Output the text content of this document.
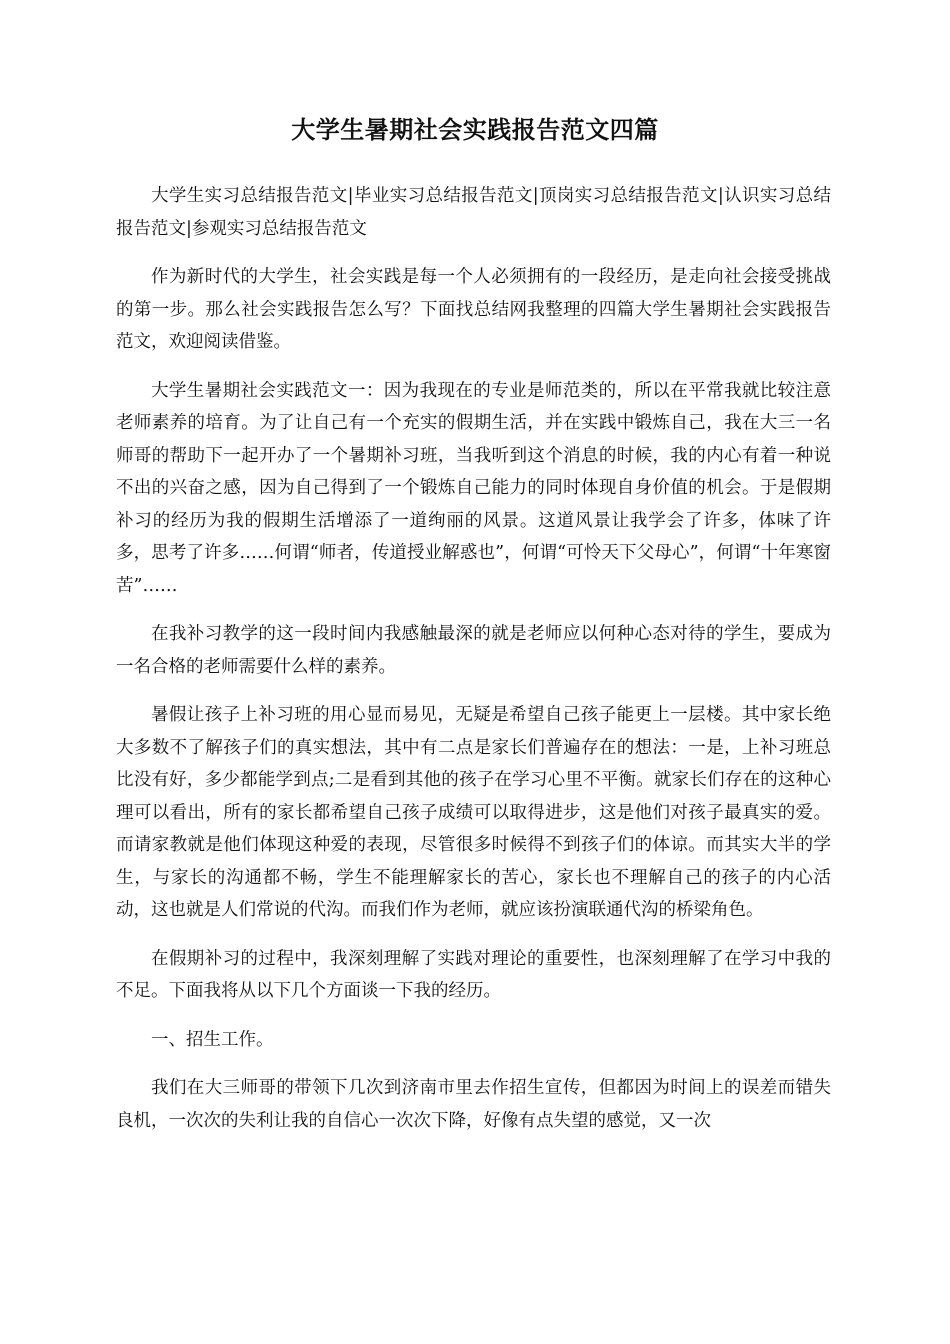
大学生暑期社会实践报告范文四篇

大学生实习总结报告范文|毕业实习总结报告范文|顶岗实习总结报告范文|认识实习总结报告范文|参观实习总结报告范文

作为新时代的大学生，社会实践是每一个人必须拥有的一段经历，是走向社会接受挑战的第一步。那么社会实践报告怎么写？下面找总结网我整理的四篇大学生暑期社会实践报告范文，欢迎阅读借鉴。

大学生暑期社会实践范文一：因为我现在的专业是师范类的，所以在平常我就比较注意老师素养的培育。为了让自己有一个充实的假期生活，并在实践中锻炼自己，我在大三一名师哥的帮助下一起开办了一个暑期补习班，当我听到这个消息的时候，我的内心有着一种说不出的兴奋之感，因为自己得到了一个锻炼自己能力的同时体现自身价值的机会。于是假期补习的经历为我的假期生活增添了一道绚丽的风景。这道风景让我学会了许多，体味了许多，思考了许多……何谓“师者，传道授业解惑也”，何谓“可怜天下父母心”，何谓“十年寒窗苦”……

在我补习教学的这一段时间内我感触最深的就是老师应以何种心态对待的学生，要成为一名合格的老师需要什么样的素养。

暑假让孩子上补习班的用心显而易见，无疑是希望自己孩子能更上一层楼。其中家长绝大多数不了解孩子们的真实想法，其中有二点是家长们普遍存在的想法：一是，上补习班总比没有好，多少都能学到点;二是看到其他的孩子在学习心里不平衡。就家长们存在的这种心理可以看出，所有的家长都希望自己孩子成绩可以取得进步，这是他们对孩子最真实的爱。而请家教就是他们体现这种爱的表现，尽管很多时候得不到孩子们的体谅。而其实大半的学生，与家长的沟通都不畅，学生不能理解家长的苦心，家长也不理解自己的孩子的内心活动，这也就是人们常说的代沟。而我们作为老师，就应该扮演联通代沟的桥梁角色。

在假期补习的过程中，我深刻理解了实践对理论的重要性，也深刻理解了在学习中我的不足。下面我将从以下几个方面谈一下我的经历。

一、招生工作。

我们在大三师哥的带领下几次到济南市里去作招生宣传，但都因为时间上的误差而错失良机，一次次的失利让我的自信心一次次下降，好像有点失望的感觉，又一次
